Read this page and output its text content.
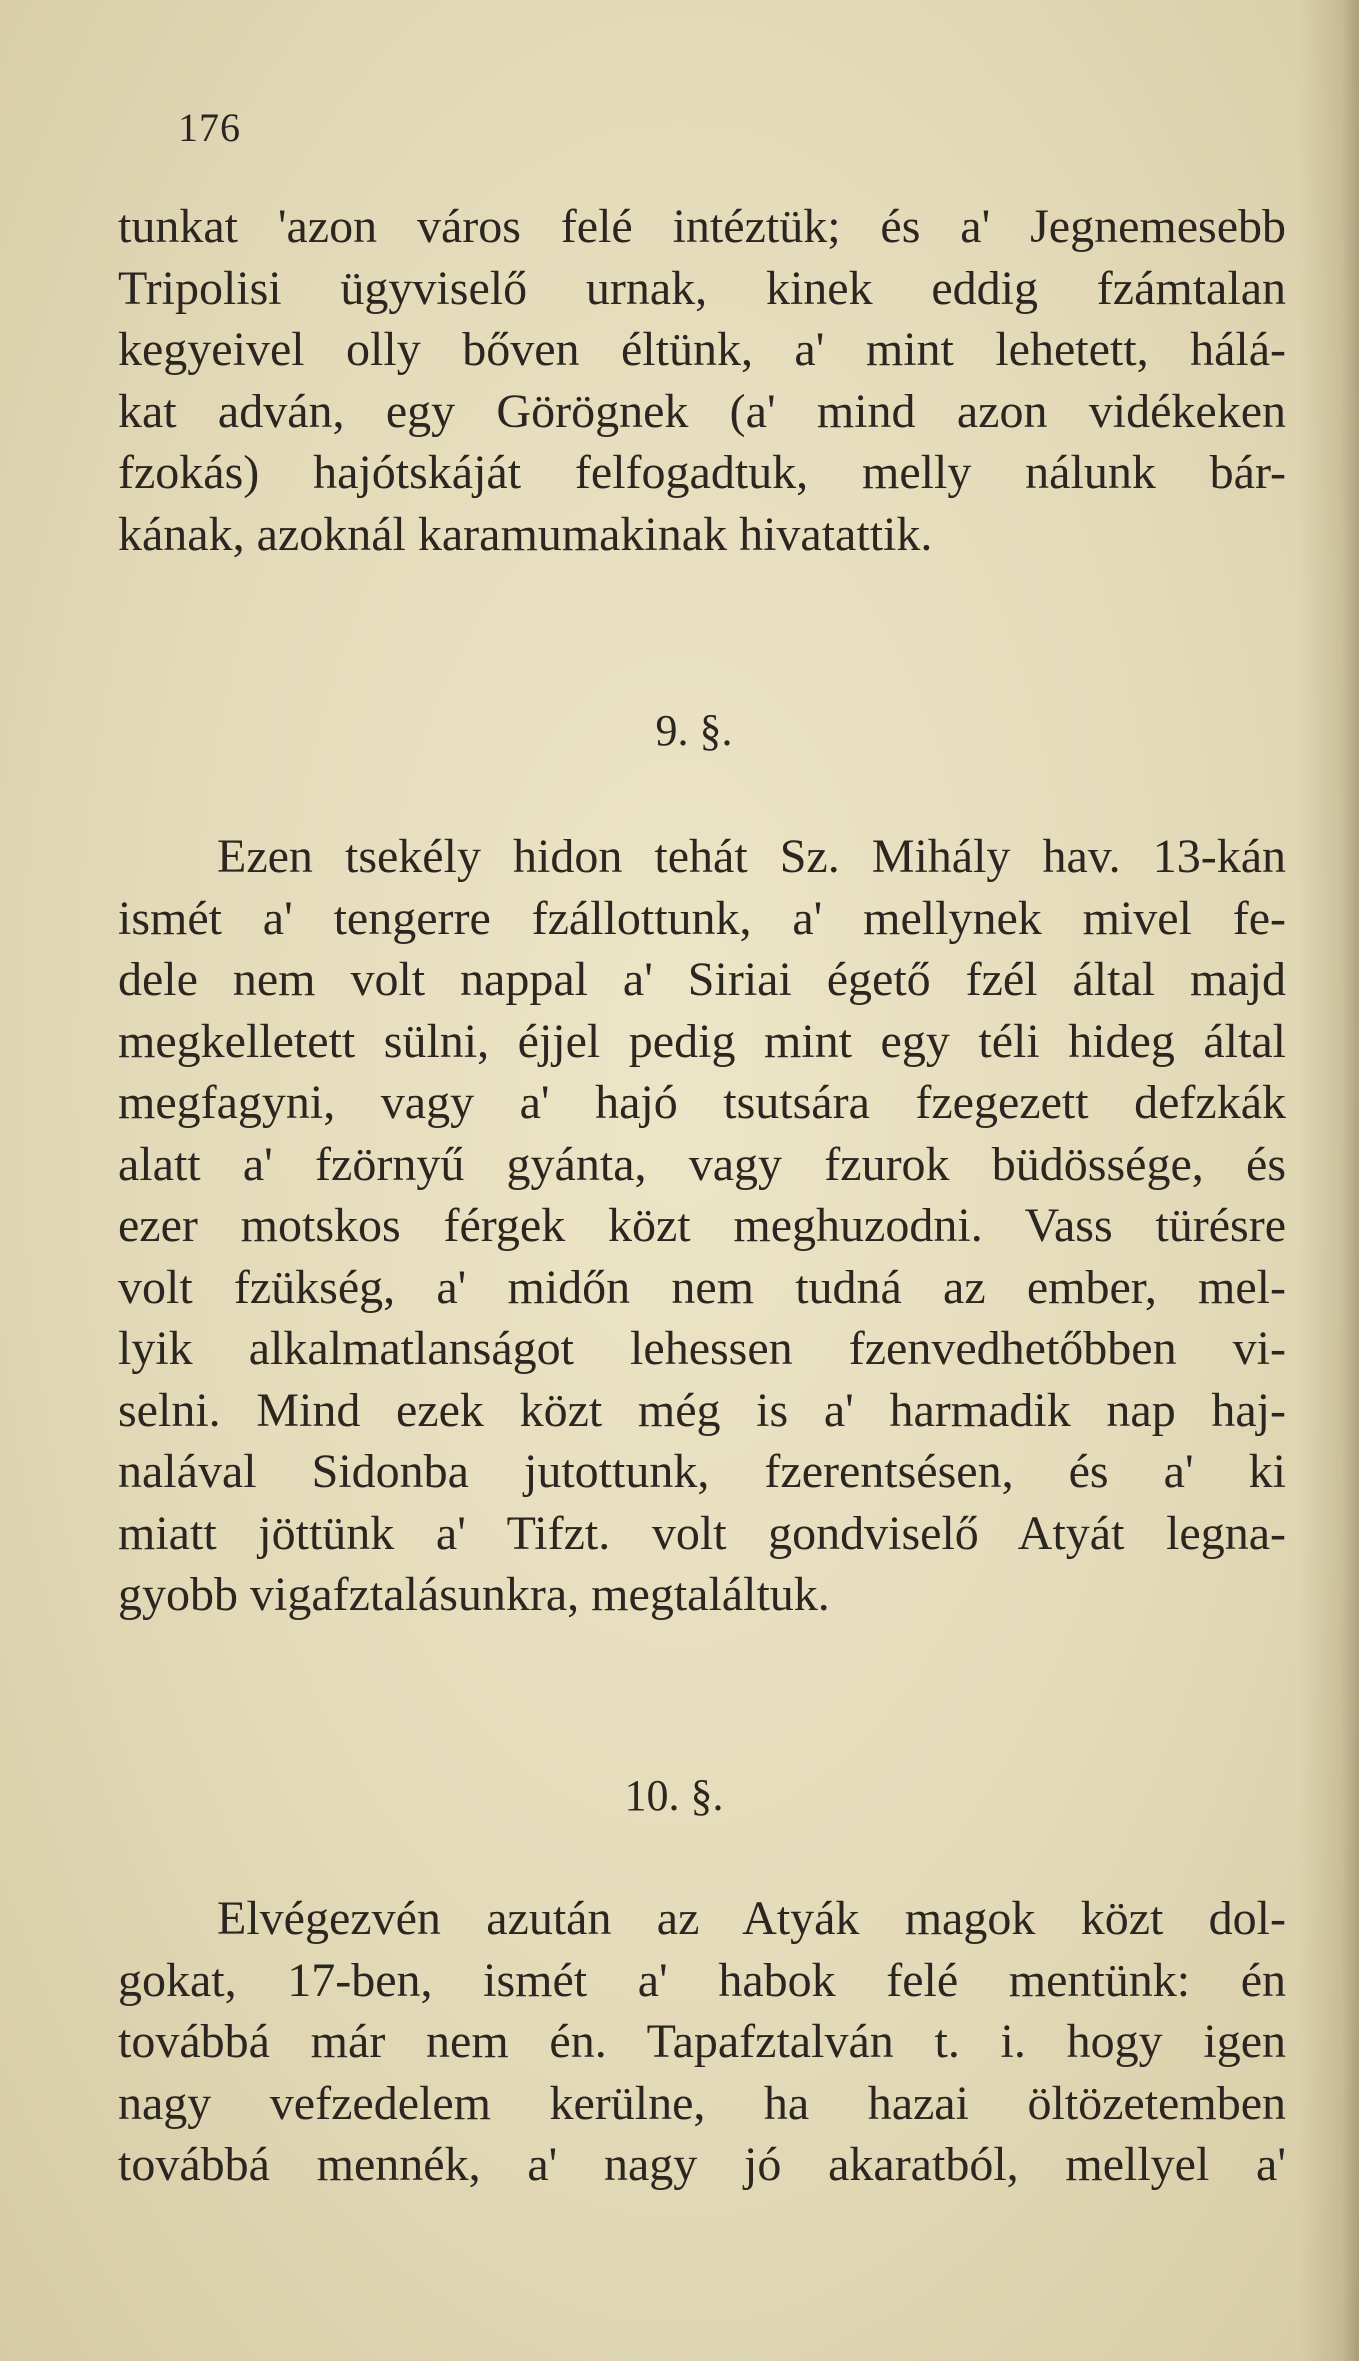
176
tunkat 'azon város felé intéztük; és a' Jegnemesebb
Tripolisi ügyviselő urnak, kinek eddig fzámtalan
kegyeivel olly bőven éltünk, a' mint lehetett, hálá-
kat adván, egy Görögnek (a' mind azon vidékeken
fzokás) hajótskáját felfogadtuk, melly nálunk bár-
kának, azoknál karamumakinak hivatattik.
9. §.
Ezen tsekély hidon tehát Sz. Mihály hav. 13-kán
ismét a' tengerre fzállottunk, a' mellynek mivel fe-
dele nem volt nappal a' Siriai égető fzél által majd
megkelletett sülni, éjjel pedig mint egy téli hideg által
megfagyni, vagy a' hajó tsutsára fzegezett defzkák
alatt a' fzörnyű gyánta, vagy fzurok büdössége, és
ezer motskos férgek közt meghuzodni. Vass türésre
volt fzükség, a' midőn nem tudná az ember, mel-
lyik alkalmatlanságot lehessen fzenvedhetőbben vi-
selni. Mind ezek közt még is a' harmadik nap haj-
nalával Sidonba jutottunk, fzerentsésen, és a' ki
miatt jöttünk a' Tifzt. volt gondviselő Atyát legna-
gyobb vigafztalásunkra, megtaláltuk.
10. §.
Elvégezvén azután az Atyák magok közt dol-
gokat, 17-ben, ismét a' habok felé mentünk: én
továbbá már nem én. Tapafztalván t. i. hogy igen
nagy vefzedelem kerülne, ha hazai öltözetemben
továbbá mennék, a' nagy jó akaratból, mellyel a'
